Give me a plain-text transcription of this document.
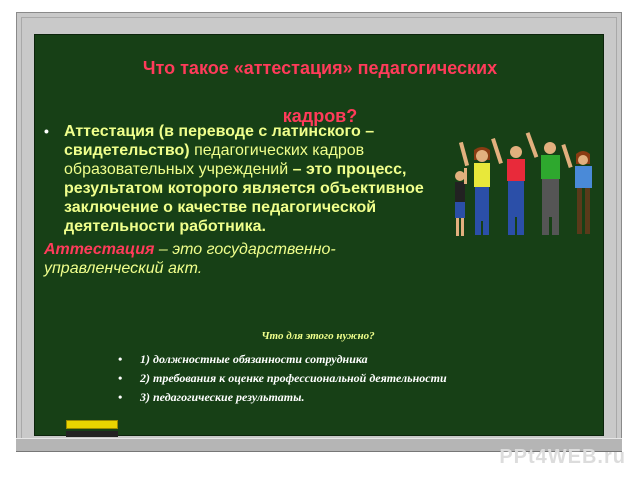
Что такое «аттестация» педагогических
кадров?
• Аттестация (в переводе с латинского – свидетельство) педагогических кадров образовательных учреждений – это процесс, результатом которого является объективное заключение о качестве педагогической деятельности работника.
Аттестация – это государственно-управленческий акт.
Что для этого нужно?
• 1) должностные обязанности сотрудника
• 2) требования к оценке профессиональной деятельности
• 3) педагогические результаты.
PPt4WEB.ru
